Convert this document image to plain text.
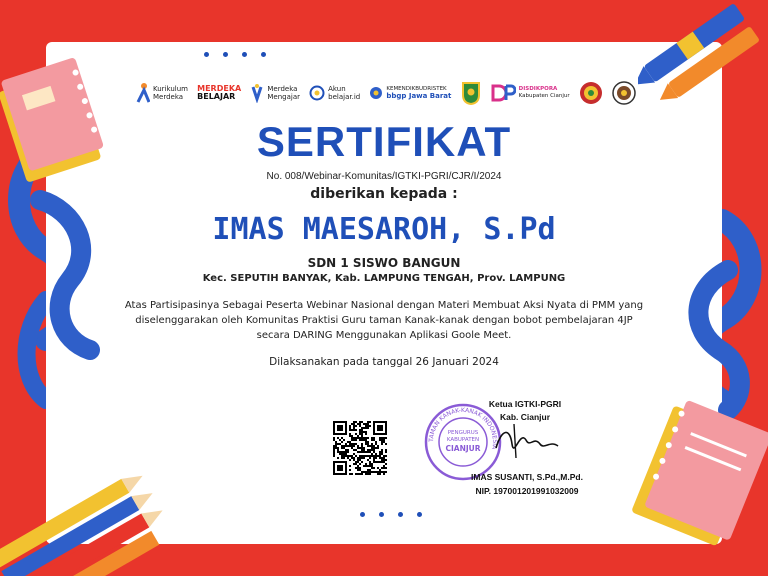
Kurikulum
Merdeka
MERDEKA
BELAJAR
Merdeka
Mengajar
Akun
belajar.id
KEMENDIKBUDRISTEK
bbgp Jawa Barat
DISDIKPORA
Kabupaten Cianjur
SERTIFIKAT
No. 008/Webinar-Komunitas/IGTKI-PGRI/CJR/I/2024
diberikan kepada :
IMAS MAESAROH, S.Pd
SDN 1 SISWO BANGUN
Kec. SEPUTIH BANYAK, Kab. LAMPUNG TENGAH, Prov. LAMPUNG
Atas Partisipasinya Sebagai Peserta Webinar Nasional dengan Materi Membuat Aksi Nyata di PMM yang
diselenggarakan oleh Komunitas Praktisi Guru taman Kanak-kanak dengan bobot pembelajaran 4JP
secara DARING Menggunakan Aplikasi Goole Meet.
Dilaksanakan pada tanggal 26 Januari 2024
TAMAN KANAK-KANAK INDONESIA
PENGURUS
KABUPATEN
CIANJUR
Ketua IGTKI-PGRI
Kab. Cianjur
IMAS SUSANTI, S.Pd.,M.Pd.
NIP. 197001201991032009
